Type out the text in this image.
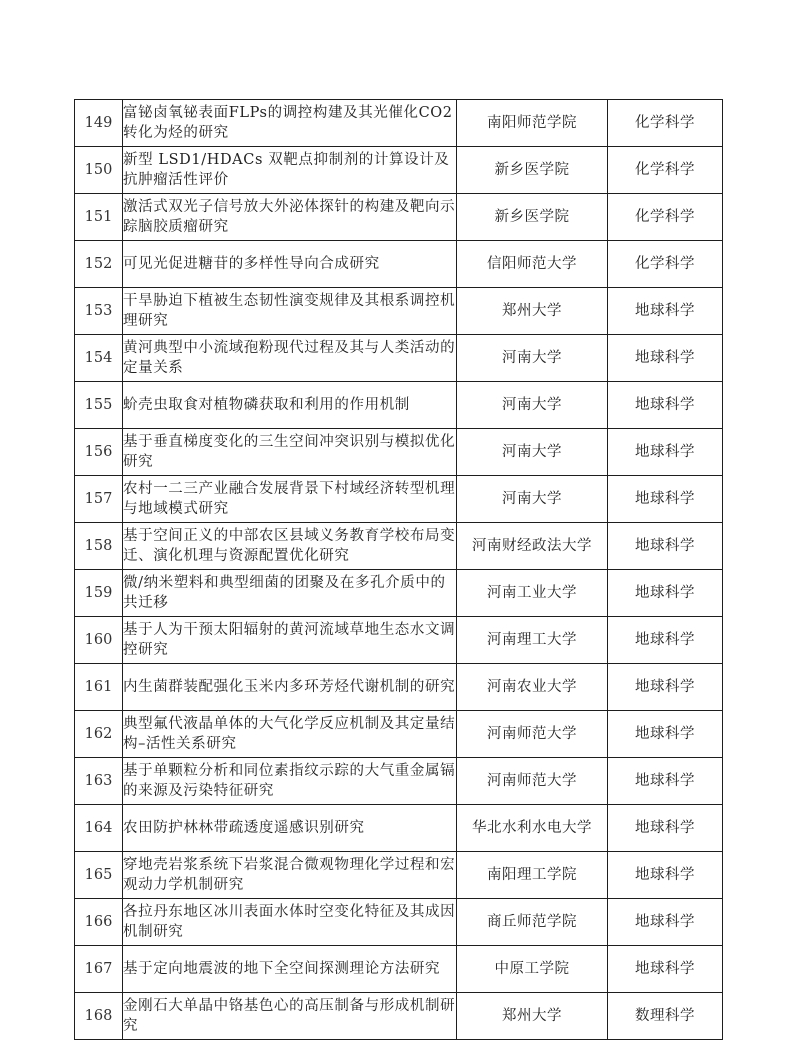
149	富铋卤氧铋表面FLPs的调控构建及其光催化CO2转化为烃的研究	南阳师范学院	化学科学
150	新型 LSD1/HDACs 双靶点抑制剂的计算设计及抗肿瘤活性评价	新乡医学院	化学科学
151	激活式双光子信号放大外泌体探针的构建及靶向示踪脑胶质瘤研究	新乡医学院	化学科学
152	可见光促进糖苷的多样性导向合成研究	信阳师范大学	化学科学
153	干旱胁迫下植被生态韧性演变规律及其根系调控机理研究	郑州大学	地球科学
154	黄河典型中小流域孢粉现代过程及其与人类活动的定量关系	河南大学	地球科学
155	蚧壳虫取食对植物磷获取和利用的作用机制	河南大学	地球科学
156	基于垂直梯度变化的三生空间冲突识别与模拟优化研究	河南大学	地球科学
157	农村一二三产业融合发展背景下村域经济转型机理与地域模式研究	河南大学	地球科学
158	基于空间正义的中部农区县域义务教育学校布局变迁、演化机理与资源配置优化研究	河南财经政法大学	地球科学
159	微/纳米塑料和典型细菌的团聚及在多孔介质中的共迁移	河南工业大学	地球科学
160	基于人为干预太阳辐射的黄河流域草地生态水文调控研究	河南理工大学	地球科学
161	内生菌群装配强化玉米内多环芳烃代谢机制的研究	河南农业大学	地球科学
162	典型氟代液晶单体的大气化学反应机制及其定量结构–活性关系研究	河南师范大学	地球科学
163	基于单颗粒分析和同位素指纹示踪的大气重金属镉的来源及污染特征研究	河南师范大学	地球科学
164	农田防护林林带疏透度遥感识别研究	华北水利水电大学	地球科学
165	穿地壳岩浆系统下岩浆混合微观物理化学过程和宏观动力学机制研究	南阳理工学院	地球科学
166	各拉丹东地区冰川表面水体时空变化特征及其成因机制研究	商丘师范学院	地球科学
167	基于定向地震波的地下全空间探测理论方法研究	中原工学院	地球科学
168	金刚石大单晶中铬基色心的高压制备与形成机制研究	郑州大学	数理科学
